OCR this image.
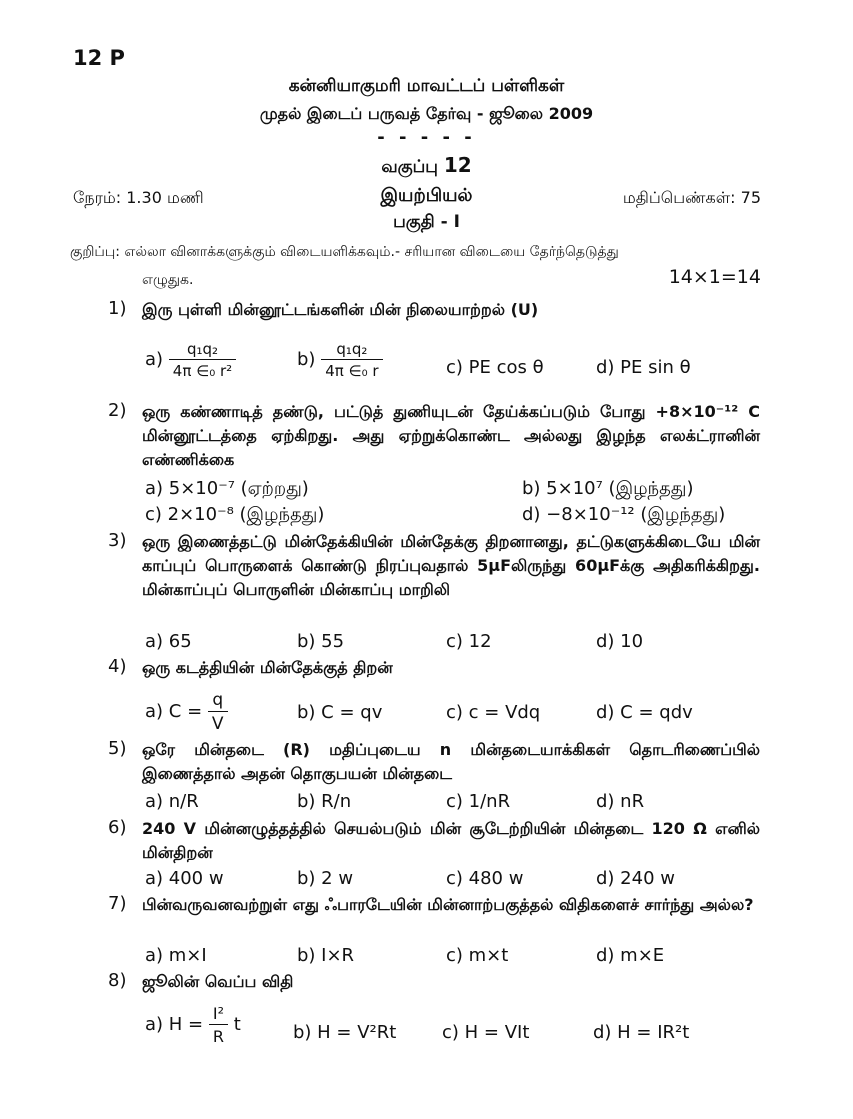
12 P
கன்னியாகுமரி மாவட்டப் பள்ளிகள்
முதல் இடைப் பருவத் தேர்வு - ஜூலை 2009
- - - - -
வகுப்பு 12
நேரம்: 1.30 மணி	இயற்பியல்	மதிப்பெண்கள்: 75
பகுதி - I
குறிப்பு: எல்லா வினாக்களுக்கும் விடையளிக்கவும்.- சரியான விடையை தேர்ந்தெடுத்து
எழுதுக.	14×1=14
1) இரு புள்ளி மின்னூட்டங்களின் மின் நிலையாற்றல் (U)
$a) \frac{\text{q₁q₂}}{\text{4π ∈₀ r²}}$	$b) \frac{\text{q₁q₂}}{\text{4π ∈₀ r}}$	c) PE cos θ	d) PE sin θ
2) ஒரு கண்ணாடித் தண்டு, பட்டுத் துணியுடன் தேய்க்கப்படும் போது +8×10⁻¹² C மின்னூட்டத்தை ஏற்கிறது. அது ஏற்றுக்கொண்ட அல்லது இழந்த எலக்ட்ரானின் எண்ணிக்கை
a) 5×10⁻⁷ (ஏற்றது)	b) 5×10⁷ (இழந்தது)
c) 2×10⁻⁸ (இழந்தது)	d) −8×10⁻¹² (இழந்தது)
3) ஒரு இணைத்தட்டு மின்தேக்கியின் மின்தேக்கு திறனானது, தட்டுகளுக்கிடையே மின் காப்புப் பொருளைக் கொண்டு நிரப்புவதால் 5μFலிருந்து 60μFக்கு அதிகரிக்கிறது. மின்காப்புப் பொருளின் மின்காப்பு மாறிலி
a) 65	b) 55	c) 12	d) 10
4) ஒரு கடத்தியின் மின்தேக்குத் திறன்
a) $C = \frac{q}{V}$	b) C = qv	c) c = Vdq	d) C = qdv
5) ஒரே மின்தடை (R) மதிப்புடைய n மின்தடையாக்கிகள் தொடரிணைப்பில் இணைத்தால் அதன் தொகுபயன் மின்தடை
a) n/R	b) R/n	c) 1/nR	d) nR
6) 240 V மின்னழுத்தத்தில் செயல்படும் மின் சூடேற்றியின் மின்தடை 120 Ω எனில் மின்திறன்
a) 400 w	b) 2 w	c) 480 w	d) 240 w
7) பின்வருவனவற்றுள் எது ஃபாரடேயின் மின்னாற்பகுத்தல் விதிகளைச் சார்ந்து அல்ல?
a) m×I	b) I×R	c) m×t	d) m×E
8) ஜூலின் வெப்ப விதி
a) $H = \frac{\text{I²}}{R}$ t	b) H = V²Rt	c) H = VIt	d) H = IR²t
